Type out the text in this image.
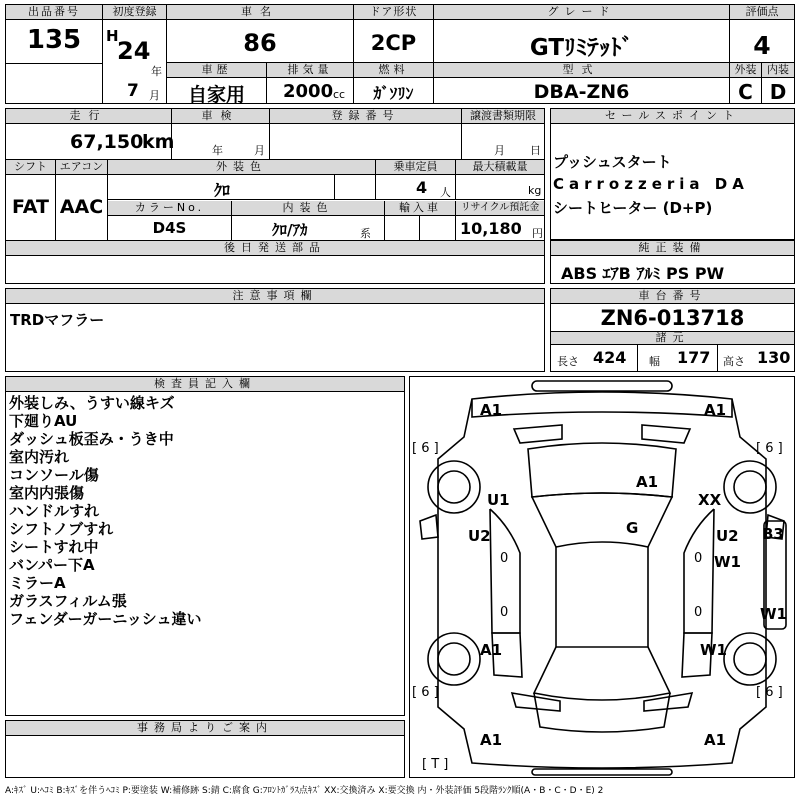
出品番号
135
初度登録
H
24
年
7 月
車名
86
ドア形状
2CP
グレード
GTﾘﾐﾃｯﾄﾞ
評価点
4
車歴
自家用
排気量
2000 cc
燃料
ｶﾞｿﾘﾝ
型式
DBA-ZN6
外装
C
内装
D
走行
67,150
km
車検
年	月
登録番号	譲渡書類期限
月 日
シフト
FAT
エアコン
AAC
外装色
ｸﾛ
乗車定員
4 人
最大積載量
kg
カラーNo.
D4S
内装色
ｸﾛ/ｱｶ	系
輸入車	リサイクル預託金
10,180 円
後日発送部品
セールスポイント
プッシュスタート
Carrozzeria DA
シートヒーター (D+P)
純正装備
ABS ｴｱB ｱﾙﾐ PS PW
注意事項欄
TRDマフラー
車台番号
ZN6-013718
諸元
長さ 424 幅 177 高さ 130
検査員記入欄
外装しみ、うすい線キズ
下廻りAU
ダッシュ板歪み・うき中
室内汚れ
コンソール傷
室内内張傷
ハンドルすれ
シフトノブすれ
シートすれ中
バンパー下A
ミラーA
ガラスフィルム張
フェンダーガーニッシュ違い
事務局よりご案内
[ 6 ]	[ 6 ]
[ 6 ]	[ 6 ]
[ T ]
A1	A1
A1
U1	XX
G
U2	U2
W1
B3
W1
A1	W1
A1	A1
0	0
0	0
A:ｷｽﾞ U:ﾍｺﾐ B:ｷｽﾞを伴うﾍｺﾐ P:要塗装 W:補修跡 S:錆 C:腐食 G:ﾌﾛﾝﾄｶﾞﾗｽ点ｷｽﾞ XX:交換済み X:要交換 内・外装評価 5段階ﾗﾝｸ順(A・B・C・D・E) 2
